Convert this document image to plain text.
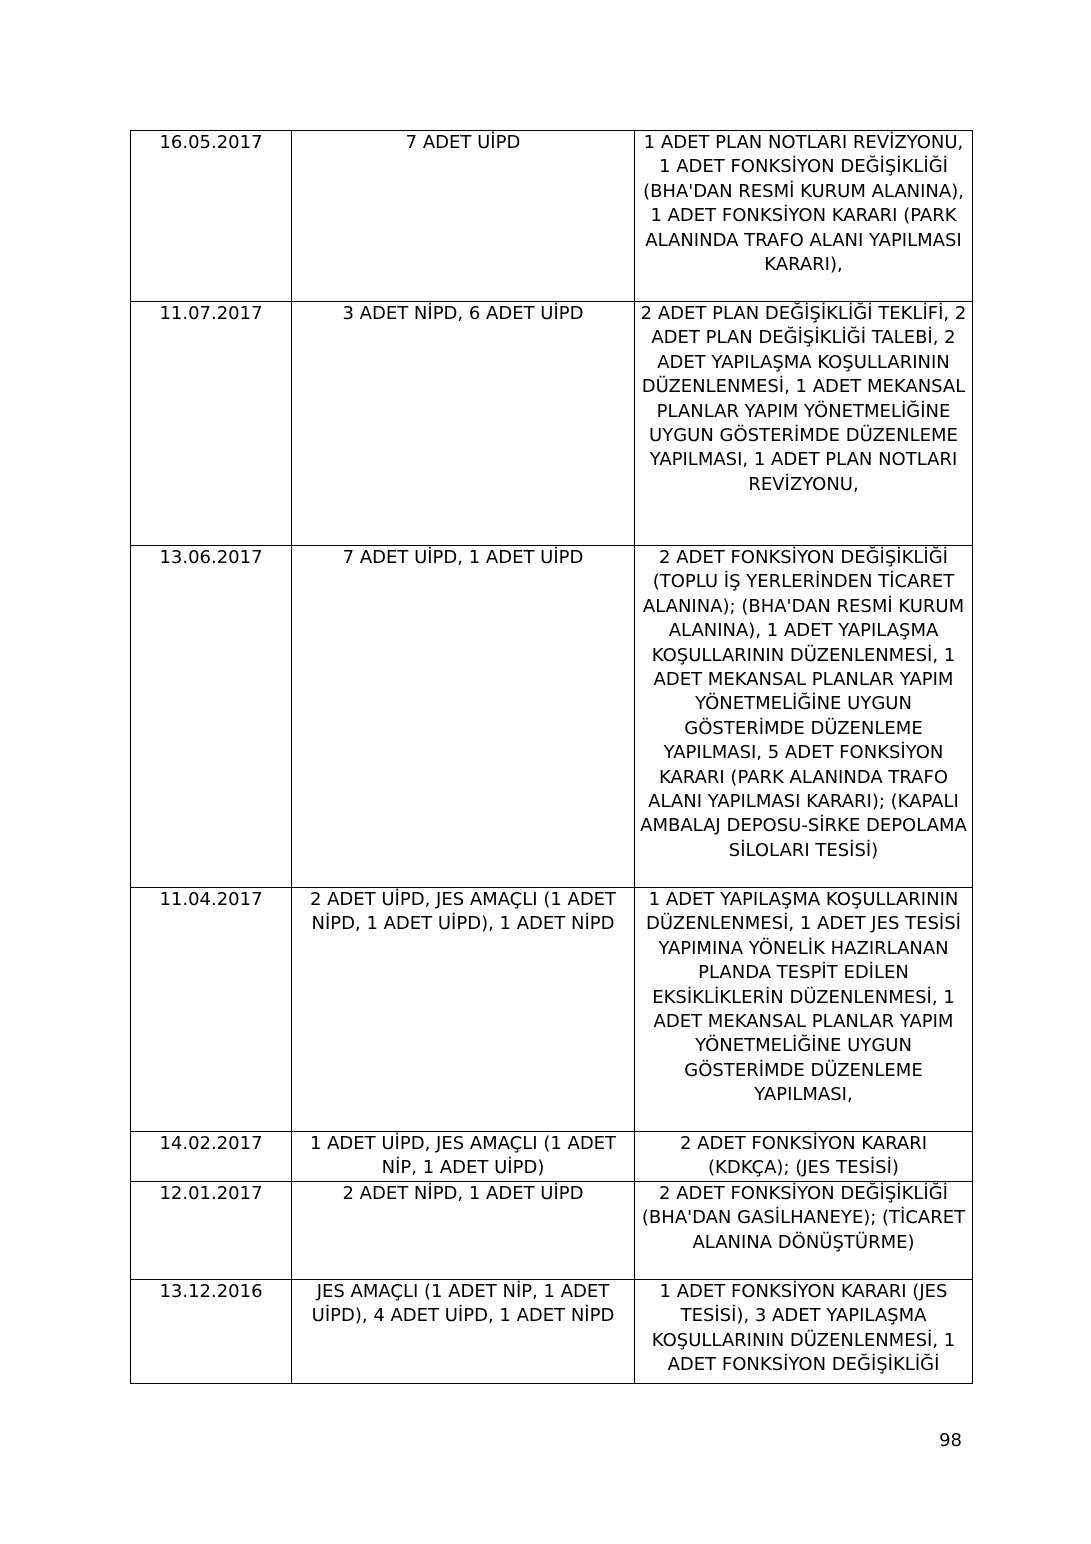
16.05.2017	7 ADET UİPD	1 ADET PLAN NOTLARI REVİZYONU, 1 ADET FONKSİYON DEĞİŞİKLİĞİ (BHA'DAN RESMİ KURUM ALANINA), 1 ADET FONKSİYON KARARI (PARK ALANINDA TRAFO ALANI YAPILMASI KARARI),

11.07.2017	3 ADET NİPD, 6 ADET UİPD	2 ADET PLAN DEĞİŞİKLİĞİ TEKLİFİ, 2 ADET PLAN DEĞİŞİKLİĞİ TALEBİ, 2 ADET YAPILAŞMA KOŞULLARININ DÜZENLENMESİ, 1 ADET MEKANSAL PLANLAR YAPIM YÖNETMELİĞİNE UYGUN GÖSTERİMDE DÜZENLEME YAPILMASI, 1 ADET PLAN NOTLARI REVİZYONU,

13.06.2017	7 ADET UİPD, 1 ADET UİPD	2 ADET FONKSİYON DEĞİŞİKLİĞİ (TOPLU İŞ YERLERİNDEN TİCARET ALANINA); (BHA'DAN RESMİ KURUM ALANINA), 1 ADET YAPILAŞMA KOŞULLARININ DÜZENLENMESİ, 1 ADET MEKANSAL PLANLAR YAPIM YÖNETMELİĞİNE UYGUN GÖSTERİMDE DÜZENLEME YAPILMASI, 5 ADET FONKSİYON KARARI (PARK ALANINDA TRAFO ALANI YAPILMASI KARARI); (KAPALI AMBALAJ DEPOSU-SİRKE DEPOLAMA SİLOLARI TESİSİ)

11.04.2017	2 ADET UİPD, JES AMAÇLI (1 ADET NİPD, 1 ADET UİPD), 1 ADET NİPD	1 ADET YAPILAŞMA KOŞULLARININ DÜZENLENMESİ, 1 ADET JES TESİSİ YAPIMINA YÖNELİK HAZIRLANAN PLANDA TESPİT EDİLEN EKSİKLİKLERİN DÜZENLENMESİ, 1 ADET MEKANSAL PLANLAR YAPIM YÖNETMELİĞİNE UYGUN GÖSTERİMDE DÜZENLEME YAPILMASI,

14.02.2017	1 ADET UİPD, JES AMAÇLI (1 ADET NİP, 1 ADET UİPD)	2 ADET FONKSİYON KARARI (KDKÇA); (JES TESİSİ)

12.01.2017	2 ADET NİPD, 1 ADET UİPD	2 ADET FONKSİYON DEĞİŞİKLİĞİ (BHA'DAN GASİLHANEYE); (TİCARET ALANINA DÖNÜŞTÜRME)

13.12.2016	JES AMAÇLI (1 ADET NİP, 1 ADET UİPD), 4 ADET UİPD, 1 ADET NİPD	1 ADET FONKSİYON KARARI (JES TESİSİ), 3 ADET YAPILAŞMA KOŞULLARININ DÜZENLENMESİ, 1 ADET FONKSİYON DEĞİŞİKLİĞİ
98
